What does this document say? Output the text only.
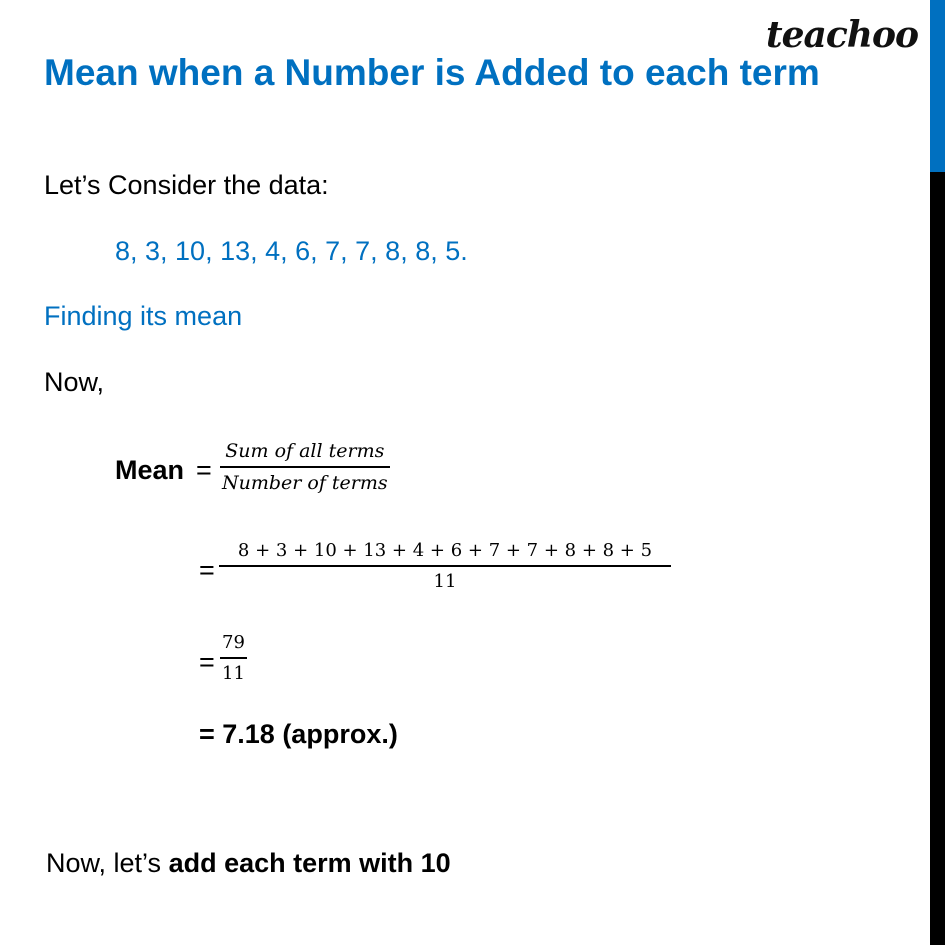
teachoo
Mean when a Number is Added to each term
Let’s Consider the data:
8, 3, 10, 13, 4, 6, 7, 7, 8, 8, 5.
Finding its mean
Now,
Mean =
Sum of all terms
Number of terms
=
8 + 3 + 10 + 13 + 4 + 6 + 7 + 7 + 8 + 8 + 5
11
=
79
11
= 7.18 (approx.)
Now, let’s add each term with 10
